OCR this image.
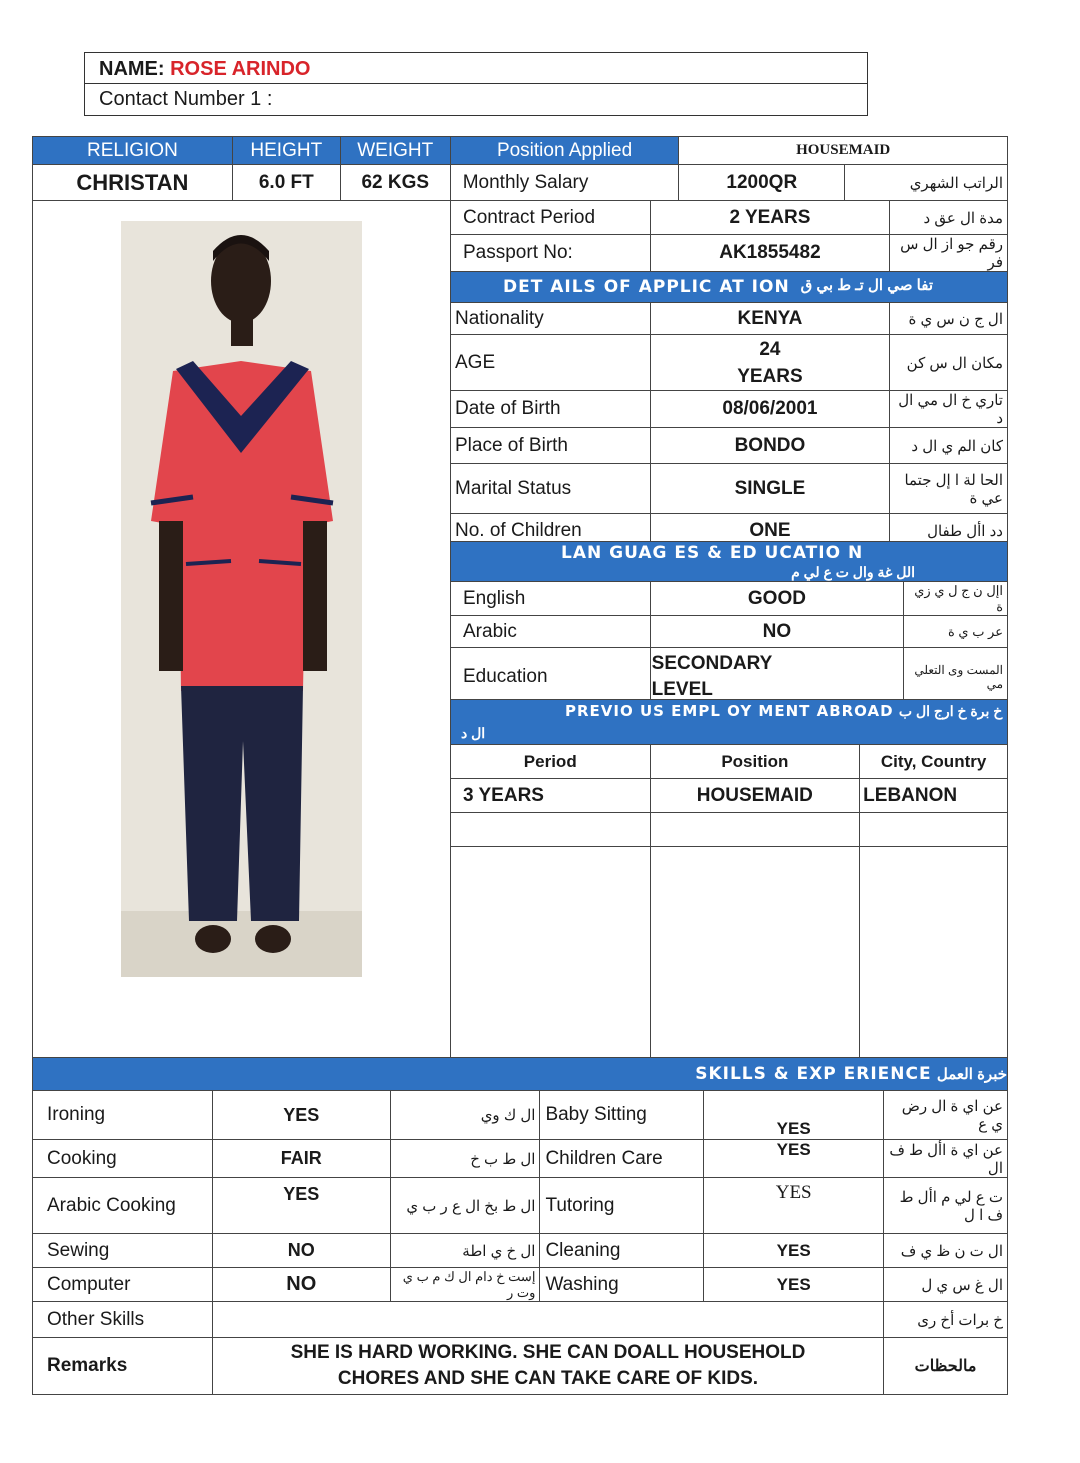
NAME: ROSE ARINDO
Contact Number 1 :
RELIGION	HEIGHT	WEIGHT	Position Applied	HOUSEMAID	
CHRISTAN	6.0 FT	62 KGS	Monthly Salary	1200QR	الراتب الشهري
Contract Period	2 YEARS	مدة ال عق د
Passport No:	AK1855482	رقم جو از ال س فر
DET AILS OF APPLIC AT ION تفا صي ال تـ ط بي ق		

Nationality	KENYA	ال ج ن س ي ة
AGE	24 YEARS	مكان ال س كن
Date of Birth	08/06/2001	تاري خ ال مي ال د
Place of Birth	BONDO	كان الم ي ال د
Marital Status	SINGLE	الحا لة ا إل جتما عي ة
No. of Children	ONE	دد األ طفال
LAN GUAG ES & ED UCATIO N
الل غة وال ت ع لي م		

English	GOOD	اإل ن ج ل ي زي ة
Arabic	NO	عر ب ي ة
Education	SECONDARY LEVEL	المست وى التعلي مي
PREVIO US EMPL OY MENT ABROAD خ برة خ ارج ال ب ال د		
Period	Position	City, Country
3 YEARS	HOUSEMAID	LEBANON

SKILLS & EXP ERIENCE خبرة العمل					
Ironing	YES	ال ك وي	Baby Sitting	YES	عن اي ة ال رض ي ع
Cooking	FAIR	ال ط ب خ	Children Care	YES	عن اي ة األ ط ف ال
Arabic Cooking	YES	ال ط بخ ال ع ر ب ي	Tutoring	YES	ت ع لي م األ ط ف ا ل
Sewing	NO	ال خ ي اطة	Cleaning	YES	ال ت ن ظ ي ف
Computer	NO	إست خ دام ال ك م ب ي وت ر	Washing	YES	ال غ س ي ل
Other Skills					خ برات أخ رى
Remarks	SHE IS HARD WORKING. SHE CAN DOALL HOUSEHOLD CHORES AND SHE CAN TAKE CARE OF KIDS.				مالحظات
